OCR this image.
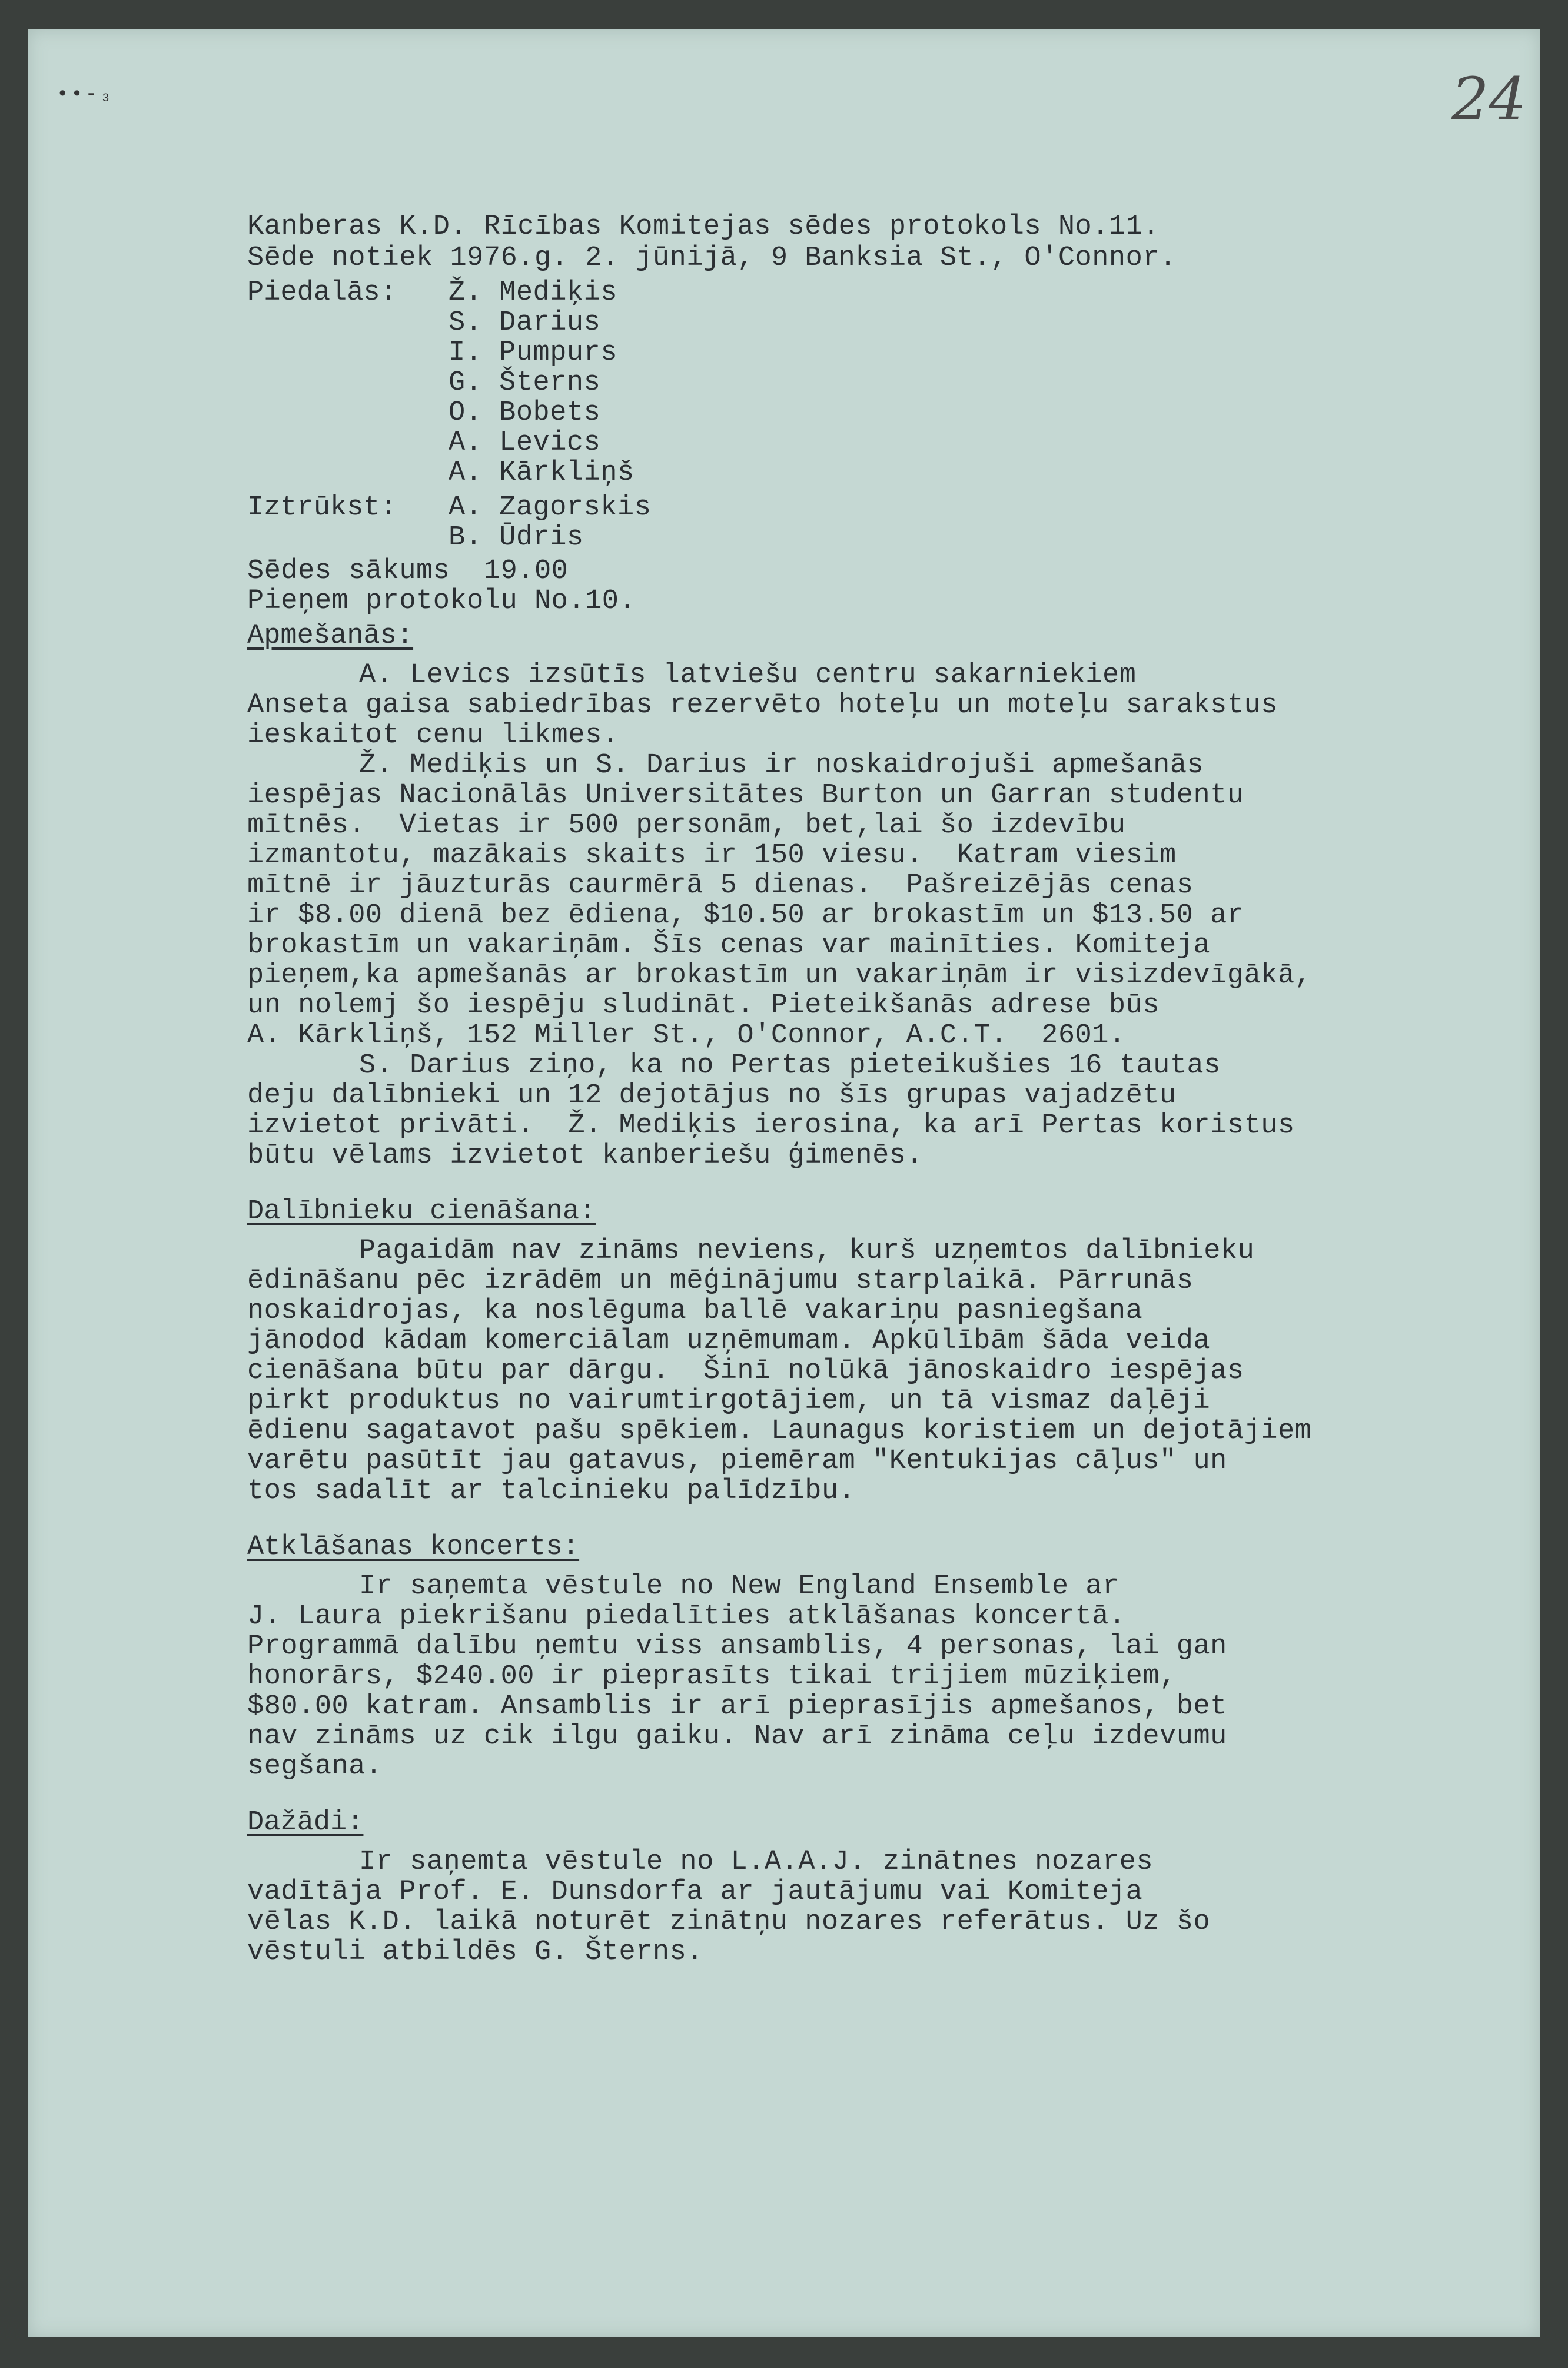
••-₃	24
Kanberas K.D. Rīcības Komitejas sēdes protokols No.11.
Sēde notiek 1976.g. 2. jūnijā, 9 Banksia St., O'Connor.
Piedalās:	Ž. Mediķis
S. Darius
I. Pumpurs
G. Šterns
O. Bobets
A. Levics
A. Kārkliņš
Iztrūkst:	A. Zagorskis
B. Ūdris
Sēdes sākums  19.00
Pieņem protokolu No.10.
Apmešanās:
A. Levics izsūtīs latviešu centru sakarniekiem
Anseta gaisa sabiedrības rezervēto hoteļu un moteļu sarakstus
ieskaitot cenu likmes.
Ž. Mediķis un S. Darius ir noskaidrojuši apmešanās
iespējas Nacionālās Universitātes Burton un Garran studentu
mītnēs.  Vietas ir 500 personām, bet,lai šo izdevību
izmantotu, mazākais skaits ir 150 viesu.  Katram viesim
mītnē ir jāuzturās caurmērā 5 dienas.  Pašreizējās cenas
ir $8.00 dienā bez ēdiena, $10.50 ar brokastīm un $13.50 ar
brokastīm un vakariņām. Šīs cenas var mainīties. Komiteja
pieņem,ka apmešanās ar brokastīm un vakariņām ir visizdevīgākā,
un nolemj šo iespēju sludināt. Pieteikšanās adrese būs
A. Kārkliņš, 152 Miller St., O'Connor, A.C.T.  2601.
S. Darius ziņo, ka no Pertas pieteikušies 16 tautas
deju dalībnieki un 12 dejotājus no šīs grupas vajadzētu
izvietot privāti.  Ž. Mediķis ierosina, ka arī Pertas koristus
būtu vēlams izvietot kanberiešu ģimenēs.
Dalībnieku cienāšana:
Pagaidām nav zināms neviens, kurš uzņemtos dalībnieku
ēdināšanu pēc izrādēm un mēģinājumu starplaikā. Pārrunās
noskaidrojas, ka noslēguma ballē vakariņu pasniegšana
jānodod kādam komerciālam uzņēmumam. Apkūlībām šāda veida
cienāšana būtu par dārgu.  Šinī nolūkā jānoskaidro iespējas
pirkt produktus no vairumtirgotājiem, un tā vismaz daļēji
ēdienu sagatavot pašu spēkiem. Launagus koristiem un dejotājiem
varētu pasūtīt jau gatavus, piemēram "Kentukijas cāļus" un
tos sadalīt ar talcinieku palīdzību.
Atklāšanas koncerts:
Ir saņemta vēstule no New England Ensemble ar
J. Laura piekrišanu piedalīties atklāšanas koncertā.
Programmā dalību ņemtu viss ansamblis, 4 personas, lai gan
honorārs, $240.00 ir pieprasīts tikai trijiem mūziķiem,
$80.00 katram. Ansamblis ir arī pieprasījis apmešanos, bet
nav zināms uz cik ilgu gaiku. Nav arī zināma ceļu izdevumu
segšana.
Dažādi:
Ir saņemta vēstule no L.A.A.J. zinātnes nozares
vadītāja Prof. E. Dunsdorfa ar jautājumu vai Komiteja
vēlas K.D. laikā noturēt zinātņu nozares referātus. Uz šo
vēstuli atbildēs G. Šterns.
